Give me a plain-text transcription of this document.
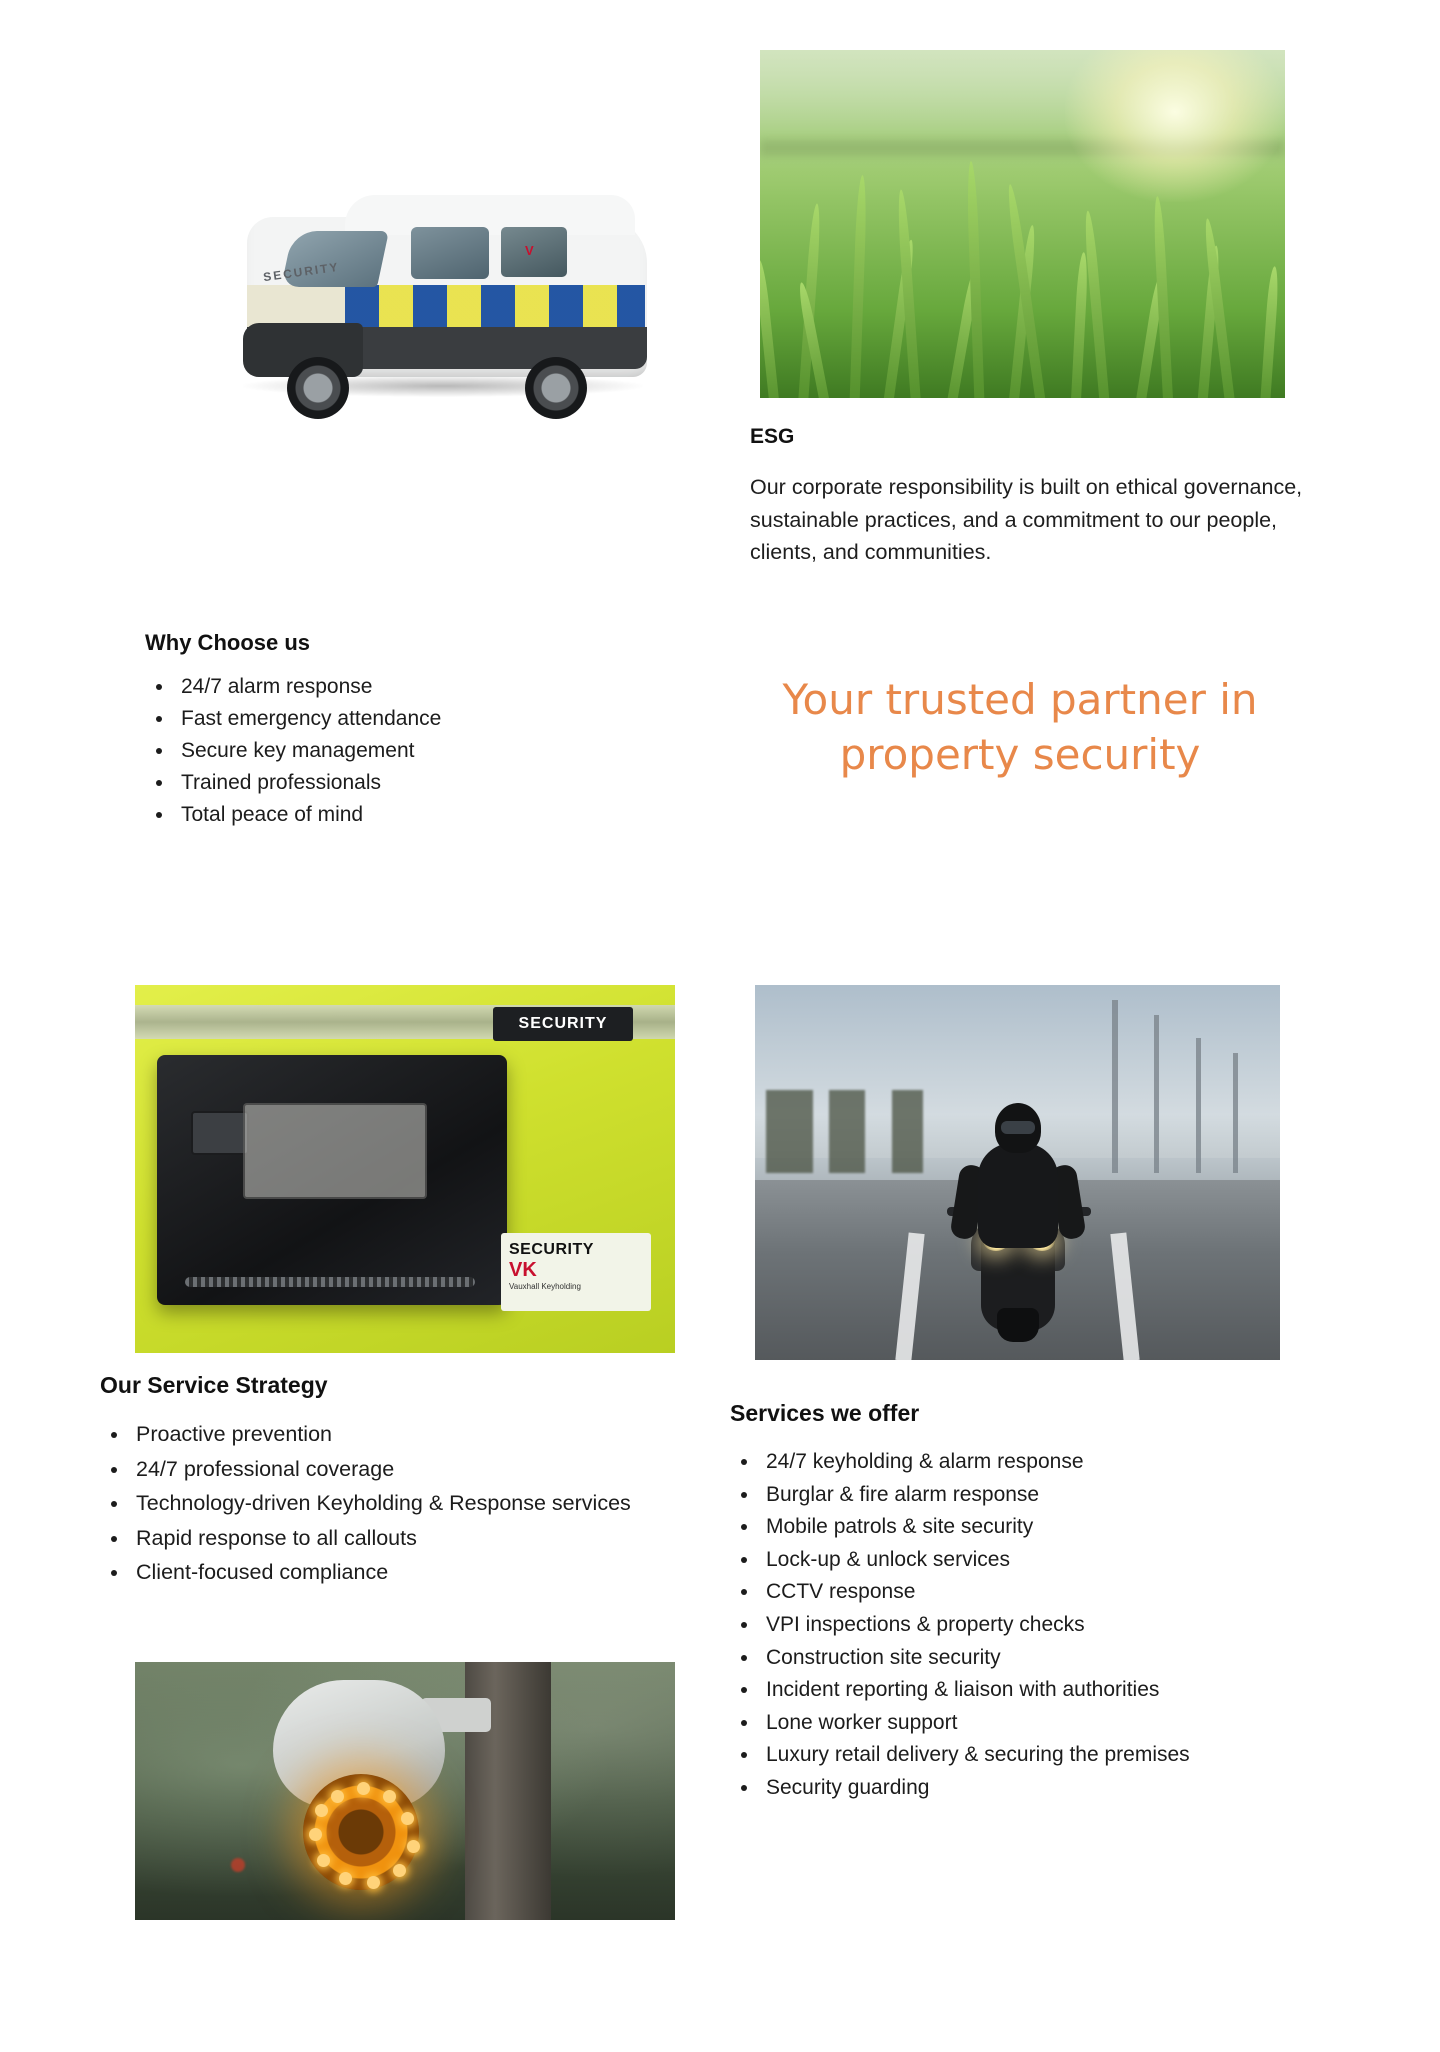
SECURITY
V
ESG

Our corporate responsibility is built on ethical governance, sustainable practices, and a commitment to our people, clients, and communities.

Why Choose us
• 24/7 alarm response
• Fast emergency attendance
• Secure key management
• Trained professionals
• Total peace of mind
Your trusted partner in property security
SECURITY
SECURITY
VK
Vauxhall Keyholding
Our Service Strategy
• Proactive prevention
• 24/7 professional coverage
• Technology-driven Keyholding & Response services
• Rapid response to all callouts
• Client-focused compliance
Services we offer
• 24/7 keyholding & alarm response
• Burglar & fire alarm response
• Mobile patrols & site security
• Lock-up & unlock services
• CCTV response
• VPI inspections & property checks
• Construction site security
• Incident reporting & liaison with authorities
• Lone worker support
• Luxury retail delivery & securing the premises
• Security guarding
